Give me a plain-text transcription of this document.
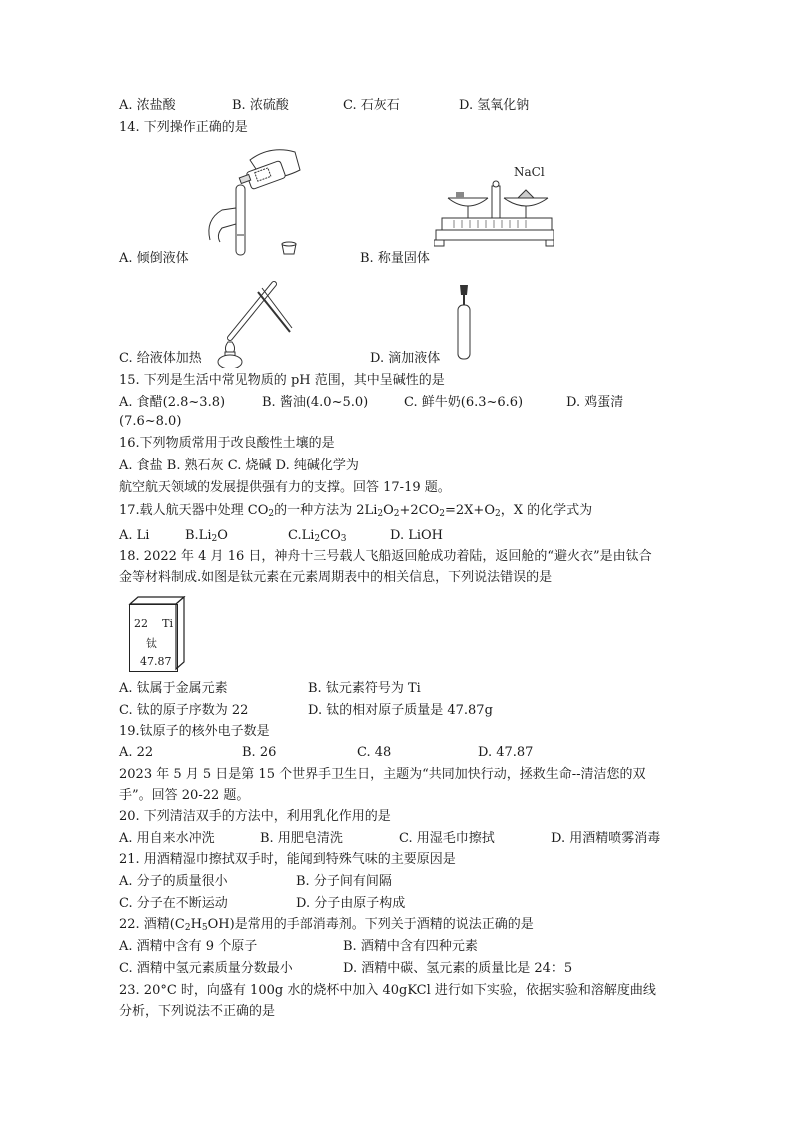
A. 浓盐酸	B. 浓硫酸	C. 石灰石	D. 氢氧化钠
14. 下列操作正确的是
A. 倾倒液体
NaCl
B. 称量固体
C. 给液体加热	D. 滴加液体
15. 下列是生活中常见物质的 pH 范围，其中呈碱性的是
A. 食醋(2.8~3.8)	B. 酱油(4.0~5.0)	C. 鲜牛奶(6.3~6.6)	D. 鸡蛋清
(7.6~8.0)
16.下列物质常用于改良酸性土壤的是
A. 食盐 B. 熟石灰 C. 烧碱 D. 纯碱化学为
航空航天领域的发展提供强有力的支撑。回答 17-19 题。
17.载人航天器中处理 $CO_2$的一种方法为 $2Li_2O_2+2CO_2=2X+O_2$，X 的化学式为
A. Li	$B.Li_2O$	$C.Li_2CO_3$	D. LiOH
18. 2022 年 4 月 16 日，神舟十三号载人飞船返回舱成功着陆，返回舱的“避火衣”是由钛合
金等材料制成.如图是钛元素在元素周期表中的相关信息，下列说法错误的是
22 Ti
钛
47.87
A. 钛属于金属元素	B. 钛元素符号为 Ti
C. 钛的原子序数为 22	D. 钛的相对原子质量是 47.87g
19.钛原子的核外电子数是
A. 22	B. 26	C. 48	D. 47.87
2023 年 5 月 5 日是第 15 个世界手卫生日，主题为“共同加快行动，拯救生命--清洁您的双
手”。回答 20-22 题。
20. 下列清洁双手的方法中，利用乳化作用的是
A. 用自来水冲洗	B. 用肥皂清洗	C. 用湿毛巾擦拭	D. 用酒精喷雾消毒
21. 用酒精湿巾擦拭双手时，能闻到特殊气味的主要原因是
A. 分子的质量很小	B. 分子间有间隔
C. 分子在不断运动	D. 分子由原子构成
22. 酒精$(C_2H_5OH)$是常用的手部消毒剂。下列关于酒精的说法正确的是
A. 酒精中含有 9 个原子	B. 酒精中含有四种元素
C. 酒精中氢元素质量分数最小	D. 酒精中碳、氢元素的质量比是 24：5
23. 20°C 时，向盛有 100g 水的烧杯中加入 40gKCl 进行如下实验，依据实验和溶解度曲线
分析，下列说法不正确的是
